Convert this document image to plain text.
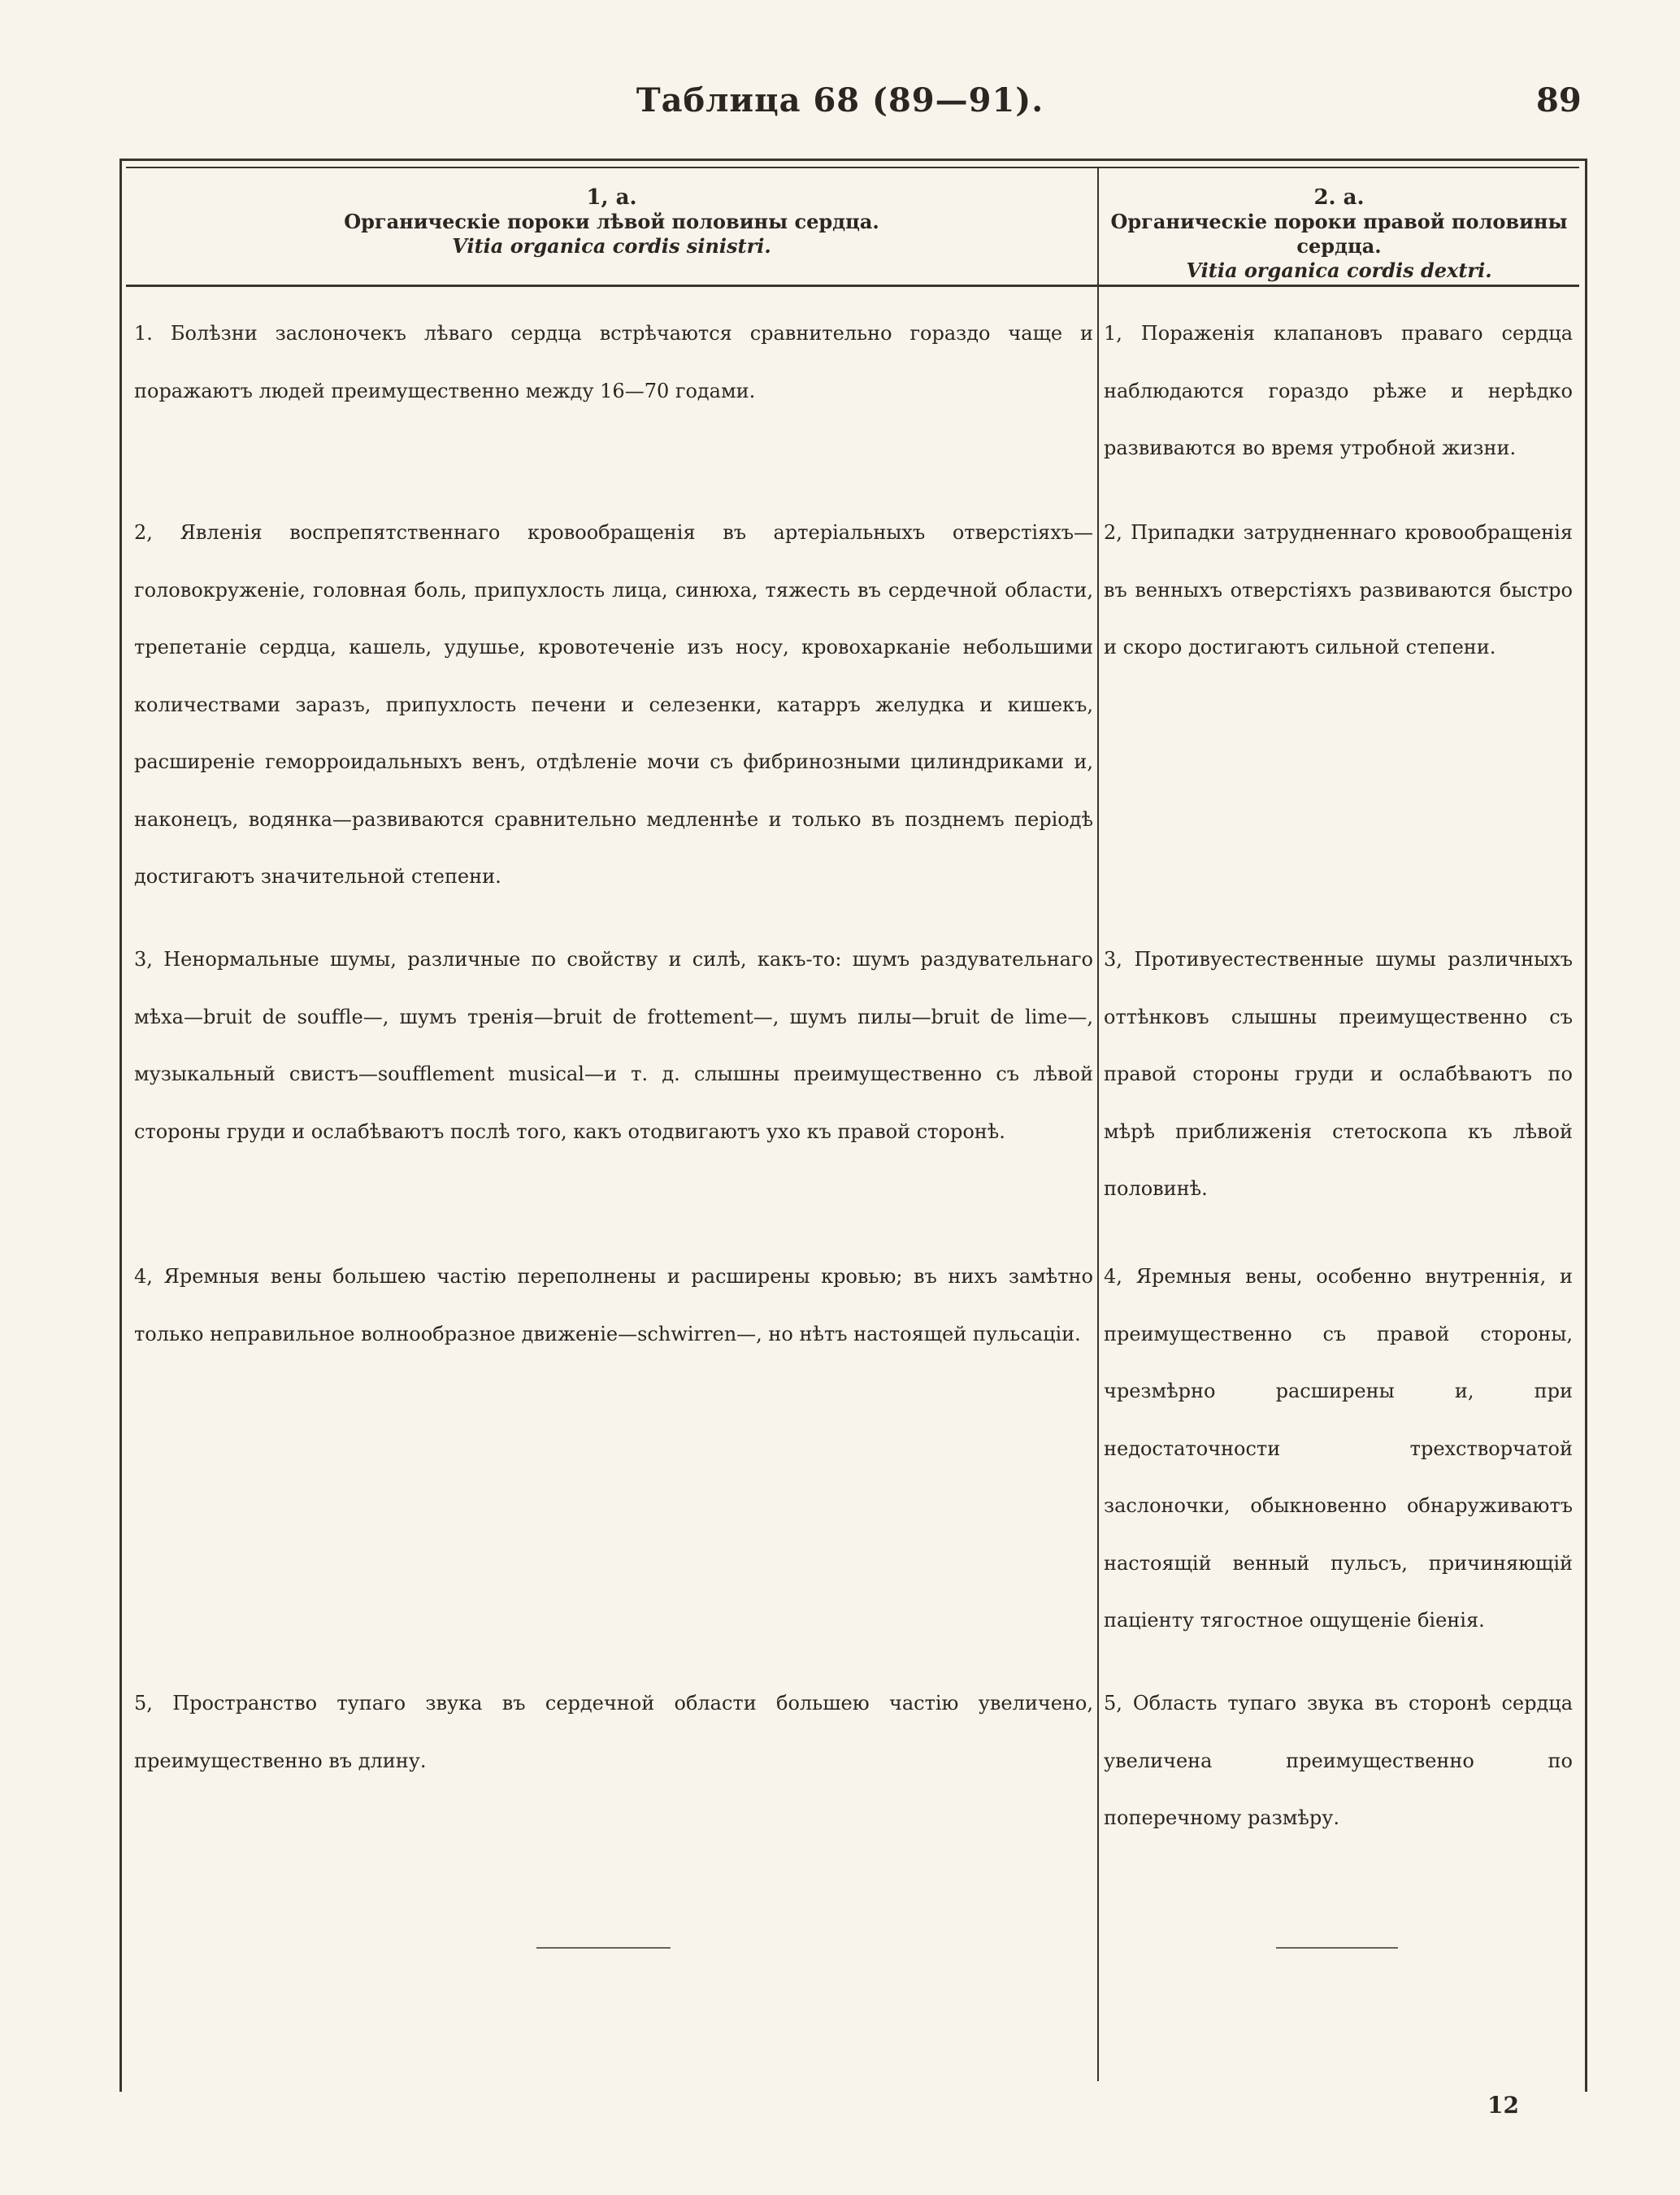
Таблица 68 (89—91).	89
1, а.
Органическіе пороки лѣвой половины сердца.
Vitia organica cordis sinistri.
2. а.
Органическіе пороки правой половины сердца.
Vitia organica cordis dextri.
1. Болѣзни заслоночекъ лѣваго сердца встрѣчаются сравнительно гораздо чаще и поражаютъ людей преимущественно между 16—70 годами.
2, Явленія воспрепятственнаго кровообращенія въ артеріальныхъ отверстіяхъ—головокруженіе, головная боль, припухлость лица, синюха, тяжесть въ сердечной области, трепетаніе сердца, кашель, удушье, кровотеченіе изъ носу, кровохарканіе небольшими количествами заразъ, припухлость печени и селезенки, катарръ желудка и кишекъ, расширеніе геморроидальныхъ венъ, отдѣленіе мочи съ фибринозными цилиндриками и, наконецъ, водянка—развиваются сравнительно медленнѣе и только въ позднемъ періодѣ достигаютъ значительной степени.
3, Ненормальные шумы, различные по свойству и силѣ, какъ-то: шумъ раздувательнаго мѣха—bruit de souffle—, шумъ тренія—bruit de frottement—, шумъ пилы—bruit de lime—, музыкальный свистъ—soufflement musical—и т. д. слышны преимущественно съ лѣвой стороны груди и ослабѣваютъ послѣ того, какъ отодвигаютъ ухо къ правой сторонѣ.
4, Яремныя вены большею частію переполнены и расширены кровью; въ нихъ замѣтно только неправильное волнообразное движеніе—schwirren—, но нѣтъ настоящей пульсаціи.
5, Пространство тупаго звука въ сердечной области большею частію увеличено, преимущественно въ длину.
1, Пораженія клапановъ праваго сердца наблюдаются гораздо рѣже и нерѣдко развиваются во время утробной жизни.
2, Припадки затрудненнаго кровообращенія въ венныхъ отверстіяхъ развиваются быстро и скоро достигаютъ сильной степени.
3, Противуестественные шумы различныхъ оттѣнковъ слышны преимущественно съ правой стороны груди и ослабѣваютъ по мѣрѣ приближенія стетоскопа къ лѣвой половинѣ.
4, Яремныя вены, особенно внутреннія, и преимущественно съ правой стороны, чрезмѣрно расширены и, при недостаточности трехстворчатой заслоночки, обыкновенно обнаруживаютъ настоящій венный пульсъ, причиняющій паціенту тягостное ощущеніе біенія.
5, Область тупаго звука въ сторонѣ сердца увеличена преимущественно по поперечному размѣру.
12
